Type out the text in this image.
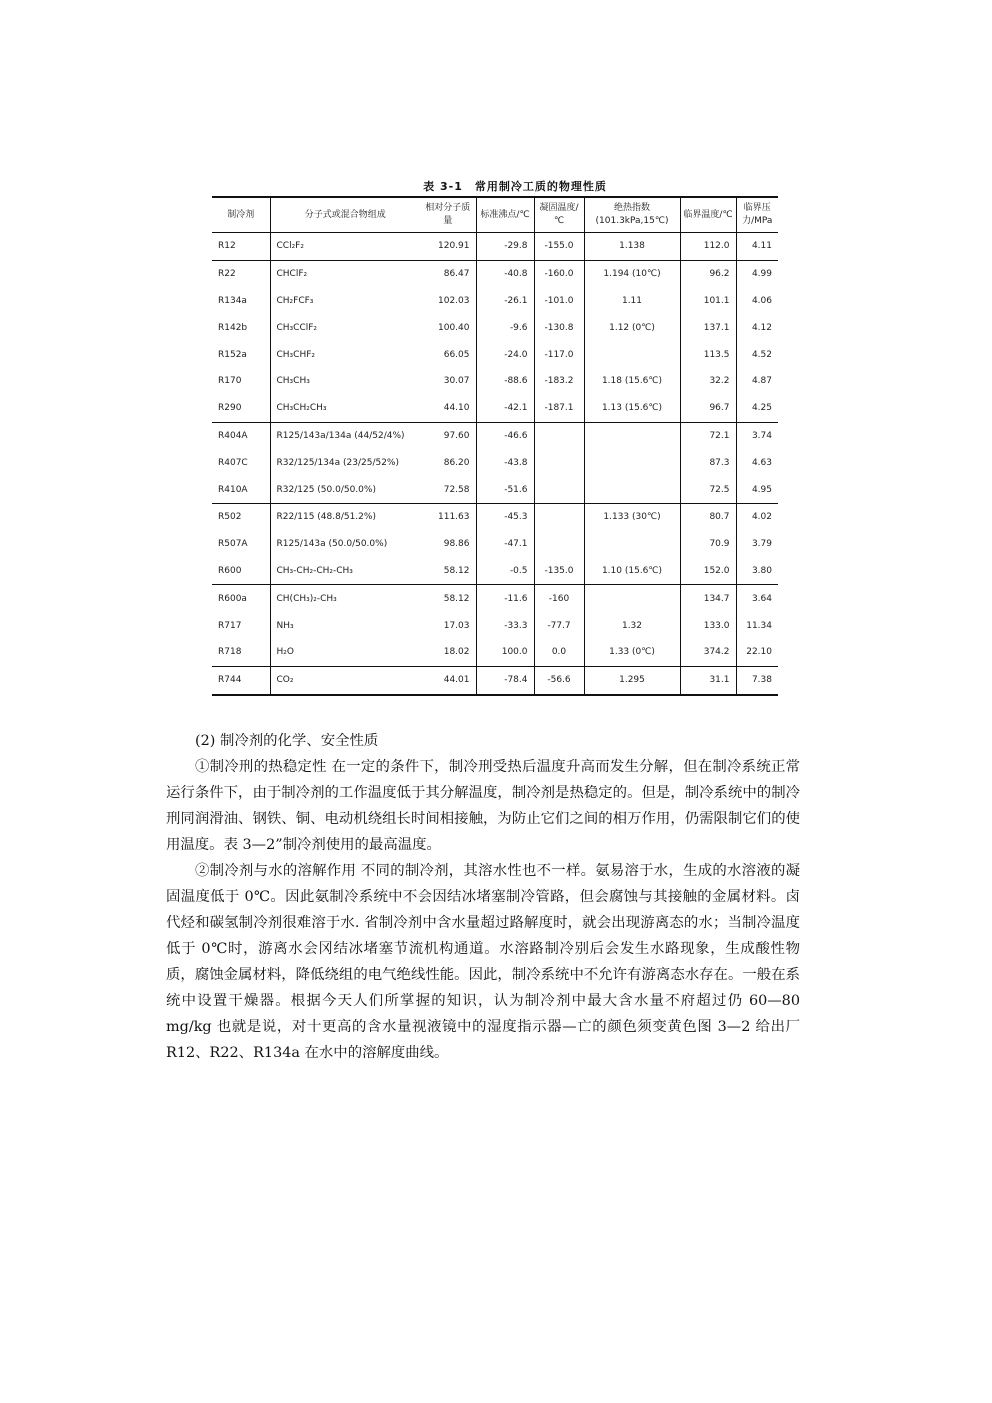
表 3-1　常用制冷工质的物理性质
制冷剂	分子式或混合物组成	相对分子质量	标准沸点/℃	凝固温度/℃	绝热指数(101.3kPa,15℃)	临界温度/℃	临界压力/MPa
R12	CCl₂F₂	120.91	-29.8	-155.0	1.138	112.0	4.11
R22	CHClF₂	86.47	-40.8	-160.0	1.194 (10℃)	96.2	4.99
R134a	CH₂FCF₃	102.03	-26.1	-101.0	1.11	101.1	4.06
R142b	CH₃CClF₂	100.40	-9.6	-130.8	1.12 (0℃)	137.1	4.12
R152a	CH₃CHF₂	66.05	-24.0	-117.0		113.5	4.52
R170	CH₃CH₃	30.07	-88.6	-183.2	1.18 (15.6℃)	32.2	4.87
R290	CH₃CH₂CH₃	44.10	-42.1	-187.1	1.13 (15.6℃)	96.7	4.25
R404A	R125/143a/134a (44/52/4%)	97.60	-46.6			72.1	3.74
R407C	R32/125/134a (23/25/52%)	86.20	-43.8			87.3	4.63
R410A	R32/125 (50.0/50.0%)	72.58	-51.6			72.5	4.95
R502	R22/115 (48.8/51.2%)	111.63	-45.3		1.133 (30℃)	80.7	4.02
R507A	R125/143a (50.0/50.0%)	98.86	-47.1			70.9	3.79
R600	CH₃-CH₂-CH₂-CH₃	58.12	-0.5	-135.0	1.10 (15.6℃)	152.0	3.80
R600a	CH(CH₃)₂-CH₃	58.12	-11.6	-160		134.7	3.64
R717	NH₃	17.03	-33.3	-77.7	1.32	133.0	11.34
R718	H₂O	18.02	100.0	0.0	1.33 (0℃)	374.2	22.10
R744	CO₂	44.01	-78.4	-56.6	1.295	31.1	7.38

(2) 制冷剂的化学、安全性质

①制冷刑的热稳定性 在一定的条件下，制冷刑受热后温度升高而发生分解，但在制冷系统正常运行条件下，由于制冷剂的工作温度低于其分解温度，制冷剂是热稳定的。但是，制冷系统中的制冷刑同润滑油、钢铁、铜、电动机绕组长时间相接触，为防止它们之间的相万作用，仍需限制它们的使用温度。表 3—2”制冷剂使用的最高温度。

②制冷剂与水的溶解作用 不同的制冷剂，其溶水性也不一样。氨易溶于水，生成的水溶液的凝固温度低于 0℃。因此氨制冷系统中不会因结冰堵塞制冷管路，但会腐蚀与其接触的金属材料。卤代烃和碳氢制冷剂很难溶于水. 省制冷剂中含水量超过路解度时，就会出现游离态的水；当制冷温度低于 0℃时，游离水会冈结冰堵塞节流机构通道。水溶路制冷别后会发生水路现象，生成酸性物质，腐蚀金属材料，降低绕组的电气绝线性能。因此，制冷系统中不允许有游离态水存在。一般在系统中设置干燥器。根据今天人们所掌握的知识，认为制冷剂中最大含水量不府超过仍 60—80 mg/kg 也就是说，对十更高的含水量视液镜中的湿度指示器—亡的颜色须变黄色图 3—2 给出厂 R12、R22、R134a 在水中的溶解度曲线。
